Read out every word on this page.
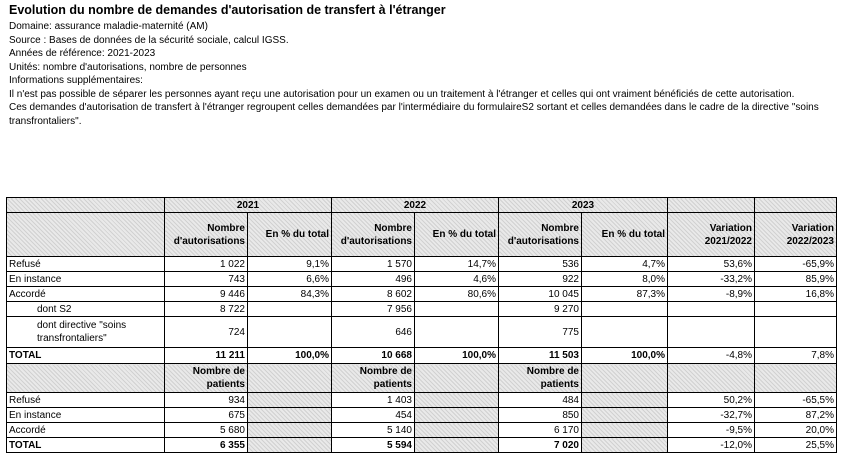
Evolution du nombre de demandes d'autorisation de transfert à l'étranger
Domaine: assurance maladie-maternité (AM)
Source : Bases de données de la sécurité sociale, calcul IGSS.
Années de référence: 2021-2023
Unités: nombre d'autorisations, nombre de personnes
Informations supplémentaires:
Il n'est pas possible de séparer les personnes ayant reçu une autorisation pour un examen ou un traitement à l'étranger et celles qui ont vraiment bénéficiés de cette autorisation.
Ces demandes d'autorisation de transfert à l'étranger regroupent celles demandées par l'intermédiaire du formulaireS2 sortant et celles demandées dans le cadre de la directive "soins transfrontaliers".
	2021		2022		2023			
	Nombre d'autorisations	En % du total	Nombre d'autorisations	En % du total	Nombre d'autorisations	En % du total	Variation 2021/2022	Variation 2022/2023
Refusé	1 022	9,1%	1 570	14,7%	536	4,7%	53,6%	-65,9%
En instance	743	6,6%	496	4,6%	922	8,0%	-33,2%	85,9%
Accordé	9 446	84,3%	8 602	80,6%	10 045	87,3%	-8,9%	16,8%
dont S2	8 722		7 956		9 270			
dont directive "soins transfrontaliers"	724		646		775			
TOTAL	11 211	100,0%	10 668	100,0%	11 503	100,0%	-4,8%	7,8%
	Nombre de patients		Nombre de patients		Nombre de patients			
Refusé	934		1 403		484		50,2%	-65,5%
En instance	675		454		850		-32,7%	87,2%
Accordé	5 680		5 140		6 170		-9,5%	20,0%
TOTAL	6 355		5 594		7 020		-12,0%	25,5%
